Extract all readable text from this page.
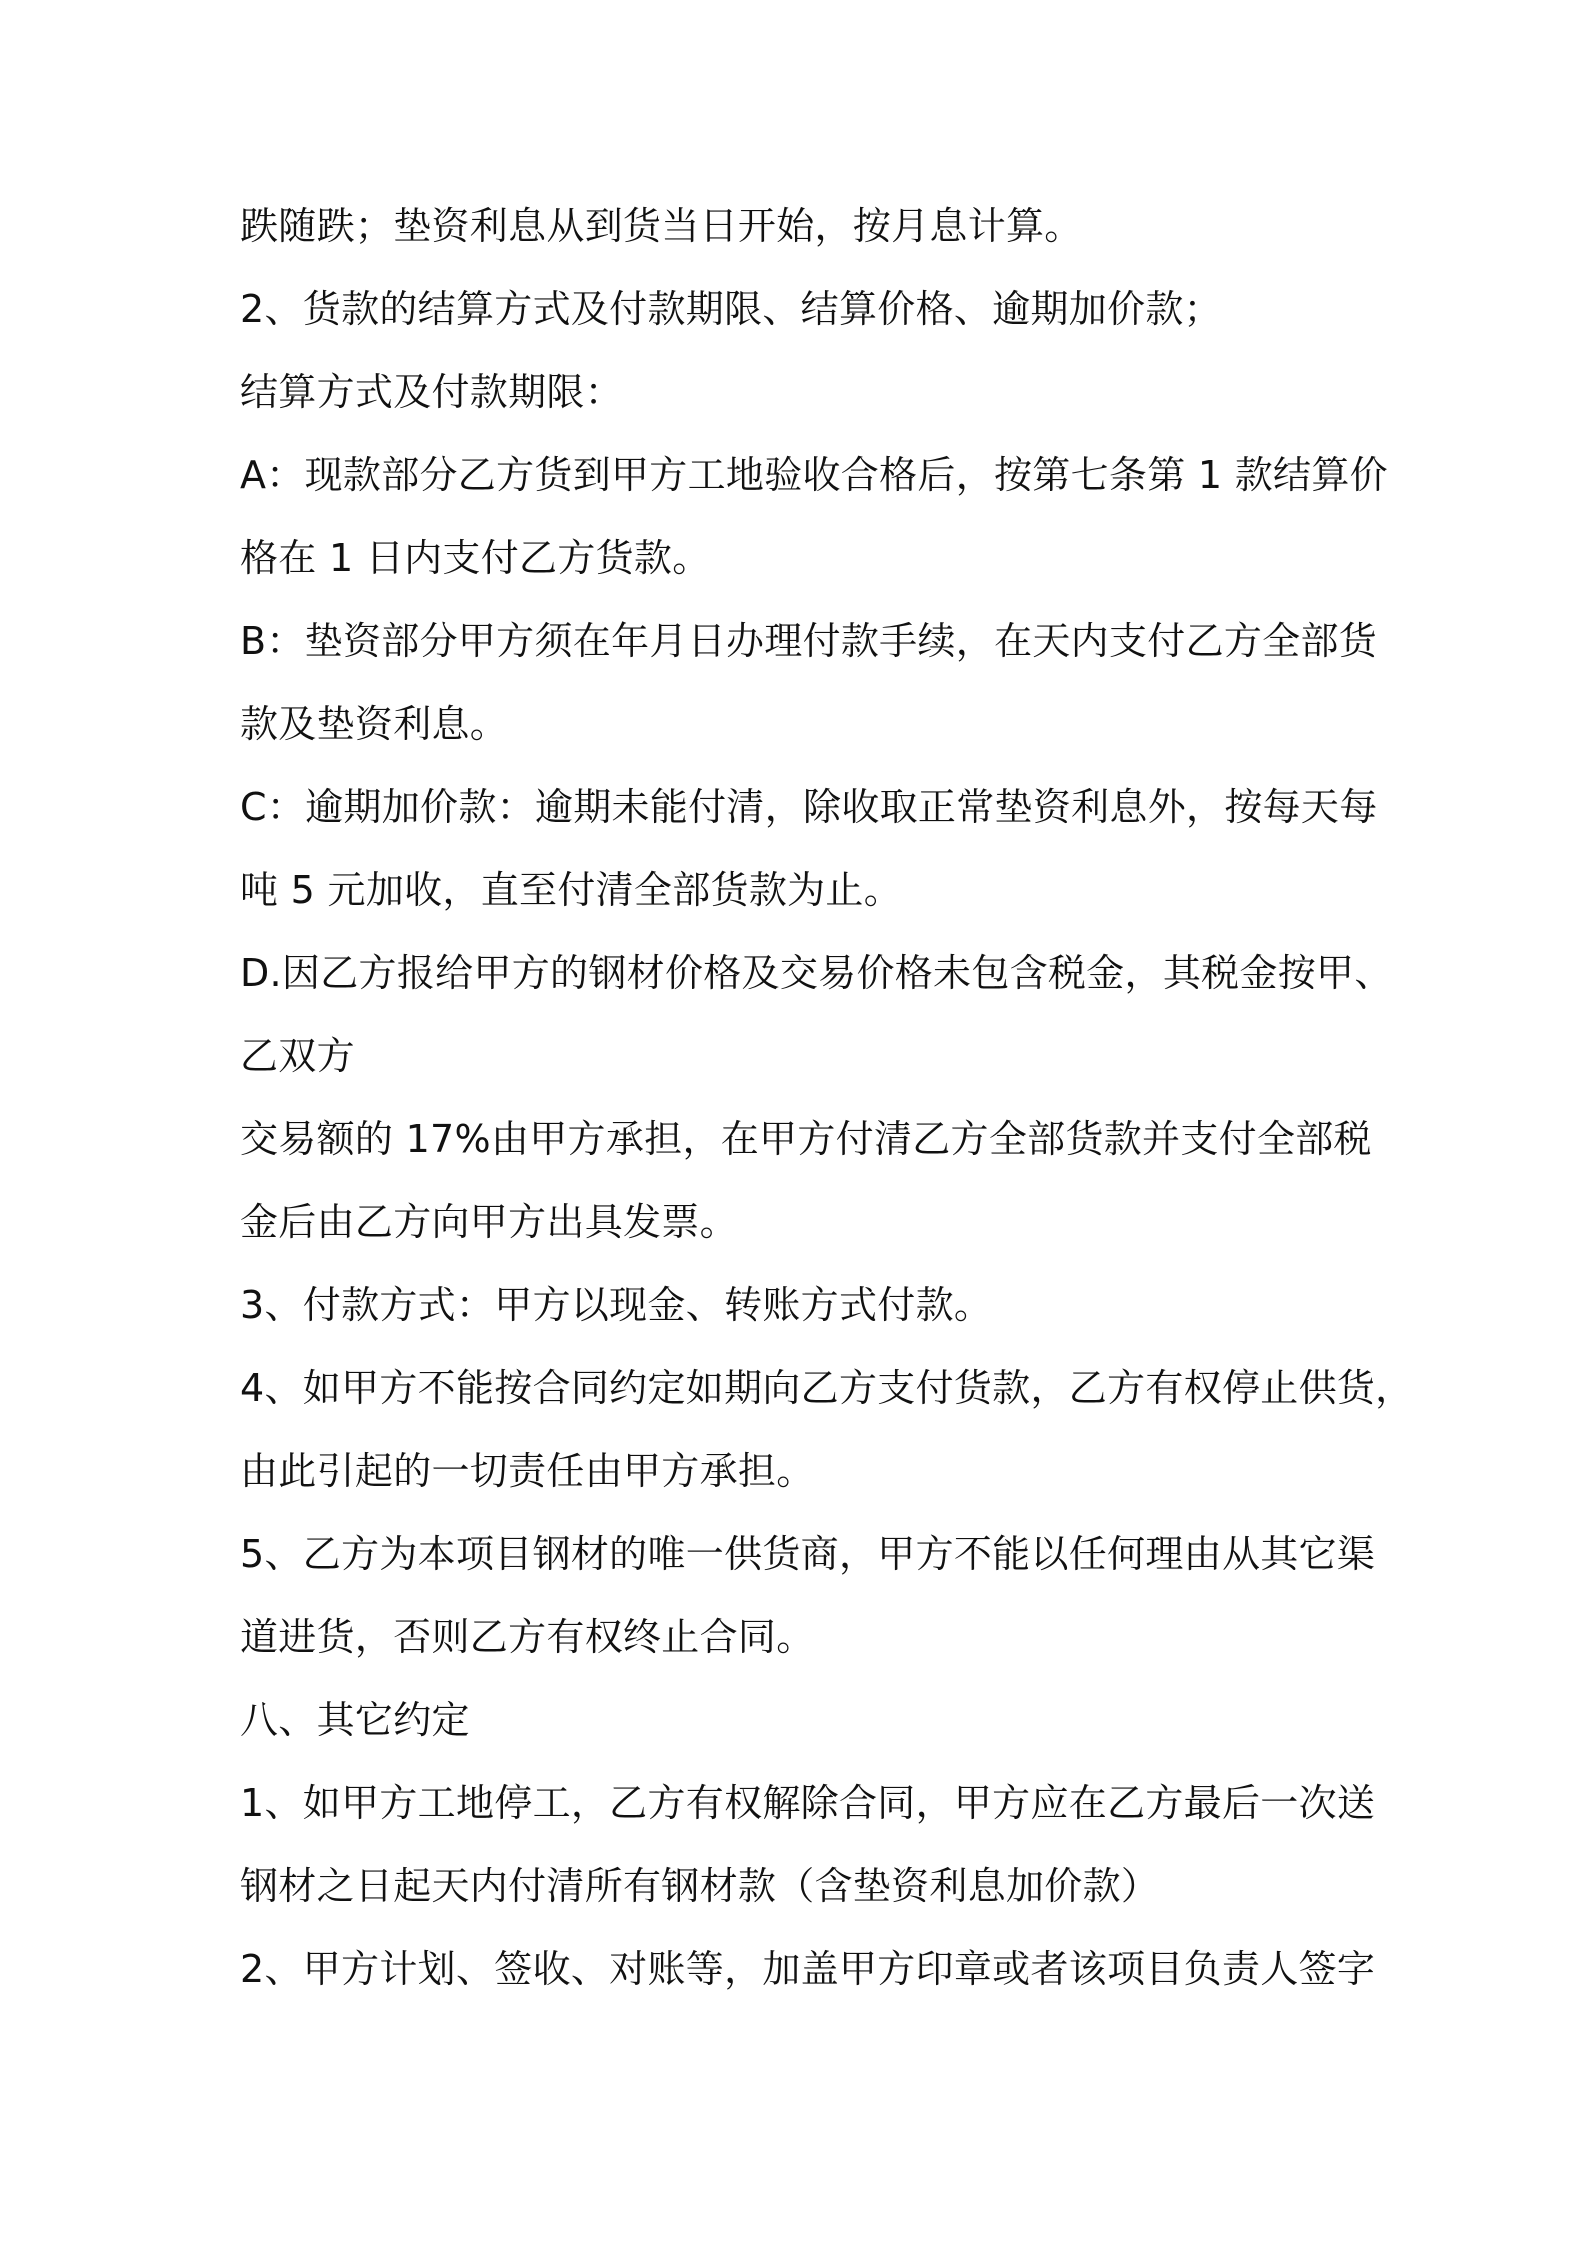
跌随跌；垫资利息从到货当日开始，按月息计算。

2、货款的结算方式及付款期限、结算价格、逾期加价款；

结算方式及付款期限：

A：现款部分乙方货到甲方工地验收合格后，按第七条第 1 款结算价

格在 1 日内支付乙方货款。

B：垫资部分甲方须在年月日办理付款手续，在天内支付乙方全部货

款及垫资利息。

C：逾期加价款：逾期未能付清，除收取正常垫资利息外，按每天每

吨 5 元加收，直至付清全部货款为止。

D.因乙方报给甲方的钢材价格及交易价格未包含税金，其税金按甲、

乙双方

交易额的 17%由甲方承担，在甲方付清乙方全部货款并支付全部税

金后由乙方向甲方出具发票。

3、付款方式：甲方以现金、转账方式付款。

4、如甲方不能按合同约定如期向乙方支付货款，乙方有权停止供货，

由此引起的一切责任由甲方承担。

5、乙方为本项目钢材的唯一供货商，甲方不能以任何理由从其它渠

道进货，否则乙方有权终止合同。

八、其它约定

1、如甲方工地停工，乙方有权解除合同，甲方应在乙方最后一次送

钢材之日起天内付清所有钢材款（含垫资利息加价款）

2、甲方计划、签收、对账等，加盖甲方印章或者该项目负责人签字
